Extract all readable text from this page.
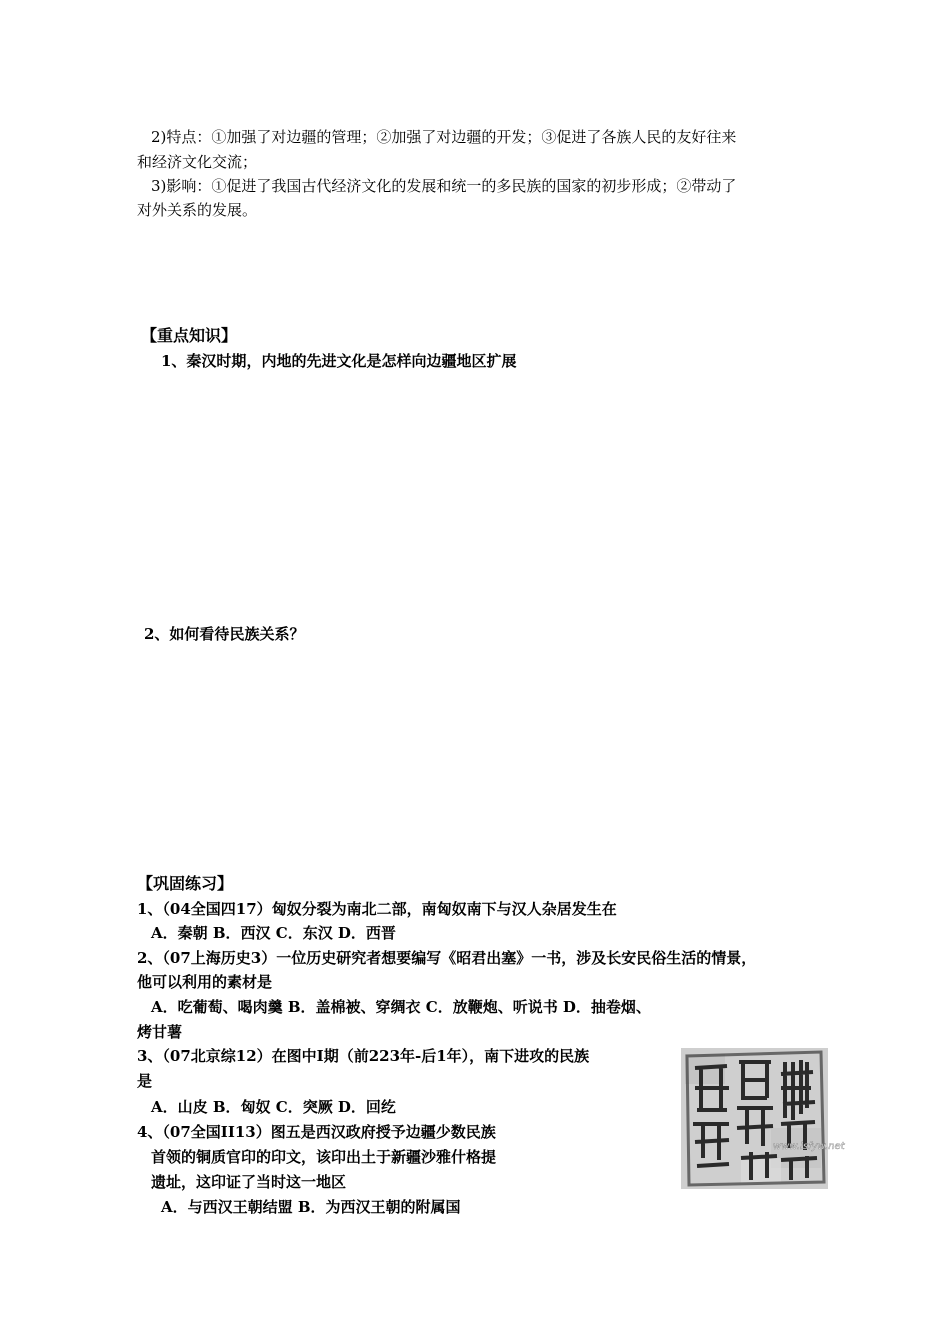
2)特点：①加强了对边疆的管理；②加强了对边疆的开发；③促进了各族人民的友好往来
和经济文化交流；
3)影响：①促进了我国古代经济文化的发展和统一的多民族的国家的初步形成；②带动了
对外关系的发展。
【重点知识】
1、秦汉时期，内地的先进文化是怎样向边疆地区扩展
2、如何看待民族关系？
【巩固练习】
1、（04全国四17）匈奴分裂为南北二部，南匈奴南下与汉人杂居发生在
A．秦朝 B．西汉 C．东汉 D．西晋
2、（07上海历史3）一位历史研究者想要编写《昭君出塞》一书，涉及长安民俗生活的情景，
他可以利用的素材是
A．吃葡萄、喝肉羹 B．盖棉被、穿绸衣 C．放鞭炮、听说书 D．抽卷烟、
烤甘薯
3、（07北京综12）在图中Ⅰ期（前223年-后1年），南下进攻的民族
是
A．山皮 B．匈奴 C．突厥 D．回纥
4、（07全国II13）图五是西汉政府授予边疆少数民族
首领的铜质官印的印文，该印出土于新疆沙雅什格提
遗址，这印证了当时这一地区
A．与西汉王朝结盟 B．为西汉王朝的附属国
www.lsfyw.net
